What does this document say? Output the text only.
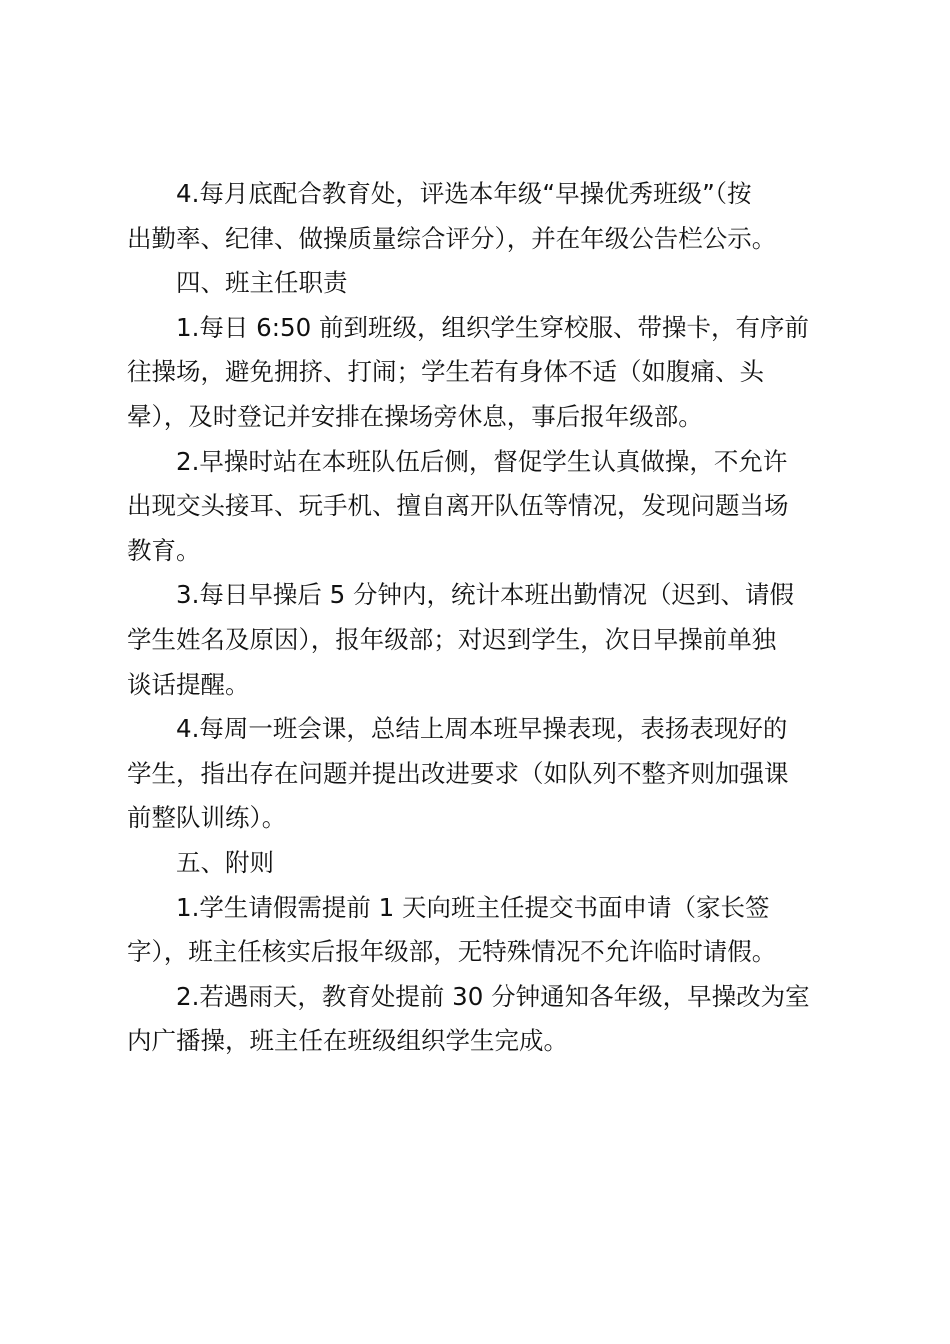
4.每月底配合教育处，评选本年级“早操优秀班级”（按
出勤率、纪律、做操质量综合评分），并在年级公告栏公示。

四、班主任职责

1.每日 6:50 前到班级，组织学生穿校服、带操卡，有序前
往操场，避免拥挤、打闹；学生若有身体不适（如腹痛、头
晕），及时登记并安排在操场旁休息，事后报年级部。

2.早操时站在本班队伍后侧，督促学生认真做操，不允许
出现交头接耳、玩手机、擅自离开队伍等情况，发现问题当场
教育。

3.每日早操后 5 分钟内，统计本班出勤情况（迟到、请假
学生姓名及原因），报年级部；对迟到学生，次日早操前单独
谈话提醒。

4.每周一班会课，总结上周本班早操表现，表扬表现好的
学生，指出存在问题并提出改进要求（如队列不整齐则加强课
前整队训练）。

五、附则

1.学生请假需提前 1 天向班主任提交书面申请（家长签
字），班主任核实后报年级部，无特殊情况不允许临时请假。

2.若遇雨天，教育处提前 30 分钟通知各年级，早操改为室
内广播操，班主任在班级组织学生完成。
